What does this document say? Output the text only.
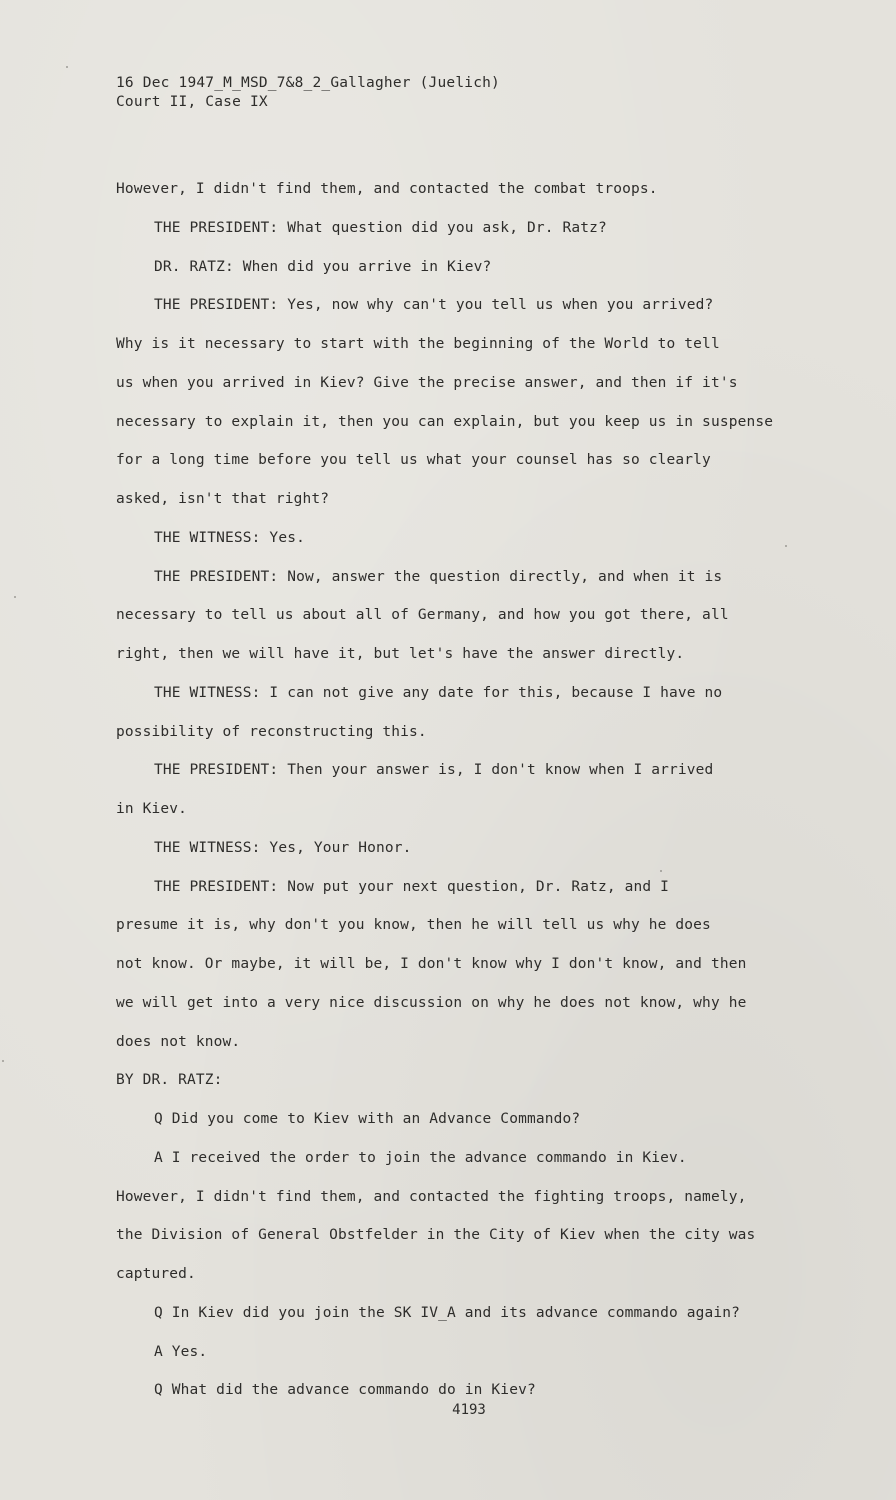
16 Dec 1947_M_MSD_7&8_2_Gallagher (Juelich)
Court II, Case IX
However, I didn't find them, and contacted the combat troops.
THE PRESIDENT: What question did you ask, Dr. Ratz?
DR. RATZ: When did you arrive in Kiev?
THE PRESIDENT: Yes, now why can't you tell us when you arrived?
Why is it necessary to start with the beginning of the World to tell
us when you arrived in Kiev? Give the precise answer, and then if it's
necessary to explain it, then you can explain, but you keep us in suspense
for a long time before you tell us what your counsel has so clearly
asked, isn't that right?
THE WITNESS: Yes.
THE PRESIDENT: Now, answer the question directly, and when it is
necessary to tell us about all of Germany, and how you got there, all
right, then we will have it, but let's have the answer directly.
THE WITNESS: I can not give any date for this, because I have no
possibility of reconstructing this.
THE PRESIDENT: Then your answer is, I don't know when I arrived
in Kiev.
THE WITNESS: Yes, Your Honor.
THE PRESIDENT: Now put your next question, Dr. Ratz, and I
presume it is, why don't you know, then he will tell us why he does
not know. Or maybe, it will be, I don't know why I don't know, and then
we will get into a very nice discussion on why he does not know, why he
does not know.
BY DR. RATZ:
Q Did you come to Kiev with an Advance Commando?
A I received the order to join the advance commando in Kiev.
However, I didn't find them, and contacted the fighting troops, namely,
the Division of General Obstfelder in the City of Kiev when the city was
captured.
Q In Kiev did you join the SK IV_A and its advance commando again?
A Yes.
Q What did the advance commando do in Kiev?
4193
